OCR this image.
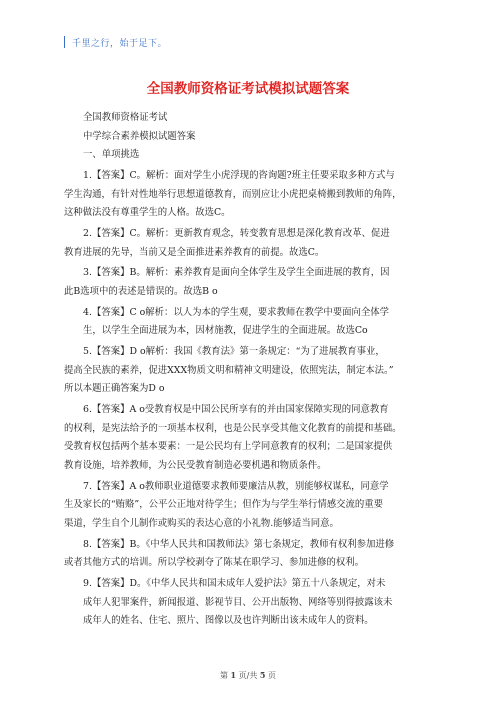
千里之行，始于足下。
全国教师资格证考试模拟试题答案
全国教师资格证考试
中学综合素养模拟试题答案
一、单项挑选
1.【答案】C。解析：面对学生小虎浮现的咨询题?班主任要采取多种方式与
学生沟通，有针对性地举行思想道德教育，而别应让小虎把桌椅搬到教师的角阵，
这种做法没有尊重学生的人格。故选C。
2.【答案】C。解析：更新教育观念，转变教育思想是深化教育改革、促进
教育进展的先导，当前又是全面推进素养教育的前提。故选C。
3.【答案】B。解析：素养教育是面向全体学生及学生全面进展的教育，因
此B选项中的表述是错误的。故选B o
4.【答案】C o解析：以人为本的学生观，要求教师在教学中要面向全体学
生，以学生全面进展为本，因材施教，促进学生的全面进展。故选Co
5.【答案】D o解析：我国《教育法》第一条规定：“为了进展教育事业，
提高全民族的素养，促进XXX物质文明和精神文明建设，依照宪法，制定本法。”
所以本题正确答案为D o
6.【答案】A o受教育权是中国公民所享有的并由国家保障实现的同意教育
的权利，是宪法给予的一项基本权利，也是公民享受其他文化教育的前提和基础。
受教育权包括两个基本要素：一是公民均有上学同意教育的权利；二是国家提供
教育设施，培养教师，为公民受教育制造必要机遇和物质条件。
7.【答案】A o教师职业道德要求教师要廉洁从教，别能够权谋私，同意学
生及家长的“贿赂”，公平公正地对待学生；但作为与学生举行情感交流的重要
渠道，学生自个儿制作或购买的表达心意的小礼物.能够适当同意。
8.【答案】B。《中华人民共和国教师法》第七条规定，教师有权利参加进修
或者其他方式的培训。所以学校剥夺了陈某在职学习、参加进修的权利。
9.【答案】D。《中华人民共和国未成年人爱护法》第五十八条规定，对未
成年人犯罪案件，新闻报道、影视节目、公开出版物、网络等别得披露该未
成年人的姓名、住宅、照片、图像以及也许判断出该未成年人的资料。
第 1 页/共 5 页
